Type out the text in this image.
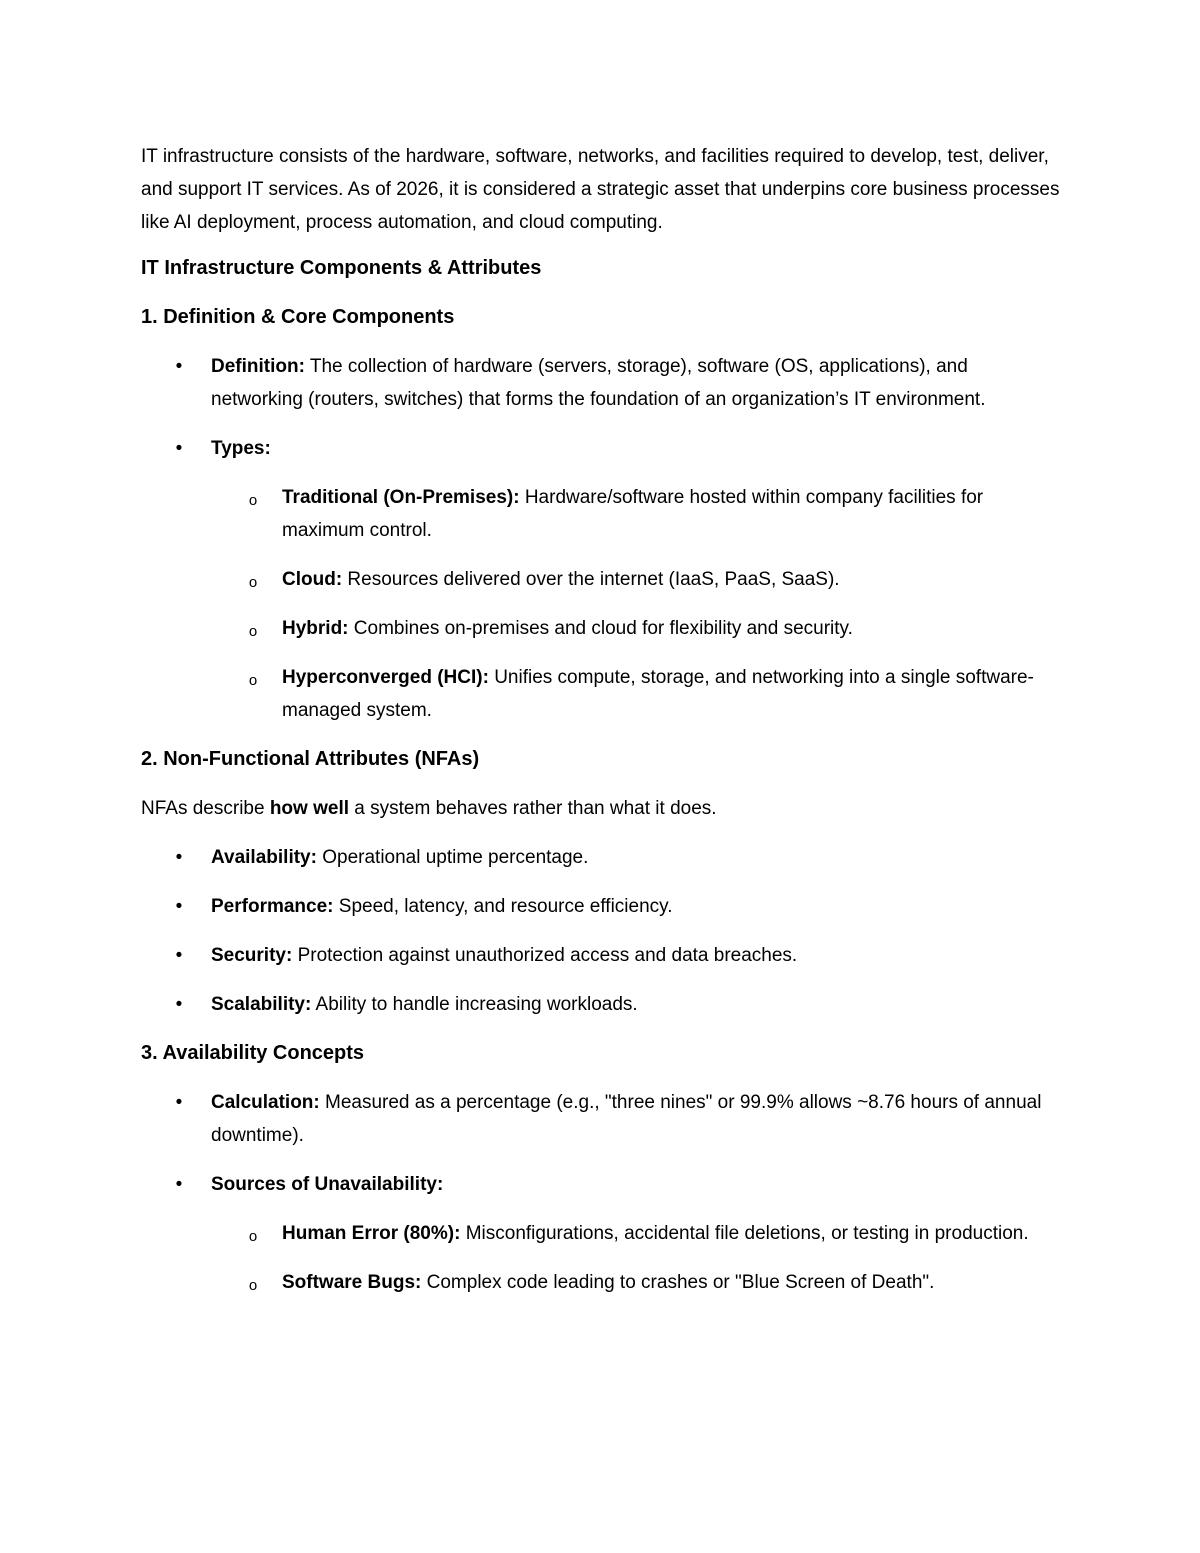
IT infrastructure consists of the hardware, software, networks, and facilities required to develop, test, deliver, and support IT services. As of 2026, it is considered a strategic asset that underpins core business processes like AI deployment, process automation, and cloud computing.

IT Infrastructure Components & Attributes
1. Definition & Core Components
• Definition: The collection of hardware (servers, storage), software (OS, applications), and networking (routers, switches) that forms the foundation of an organization’s IT environment.
• Types:
o Traditional (On-Premises): Hardware/software hosted within company facilities for maximum control.
o Cloud: Resources delivered over the internet (IaaS, PaaS, SaaS).
o Hybrid: Combines on-premises and cloud for flexibility and security.
o Hyperconverged (HCI): Unifies compute, storage, and networking into a single software-managed system.
2. Non-Functional Attributes (NFAs)

NFAs describe how well a system behaves rather than what it does.

• Availability: Operational uptime percentage.
• Performance: Speed, latency, and resource efficiency.
• Security: Protection against unauthorized access and data breaches.
• Scalability: Ability to handle increasing workloads.
3. Availability Concepts
• Calculation: Measured as a percentage (e.g., "three nines" or 99.9% allows ~8.76 hours of annual downtime).
• Sources of Unavailability:
o Human Error (80%): Misconfigurations, accidental file deletions, or testing in production.
o Software Bugs: Complex code leading to crashes or "Blue Screen of Death".
